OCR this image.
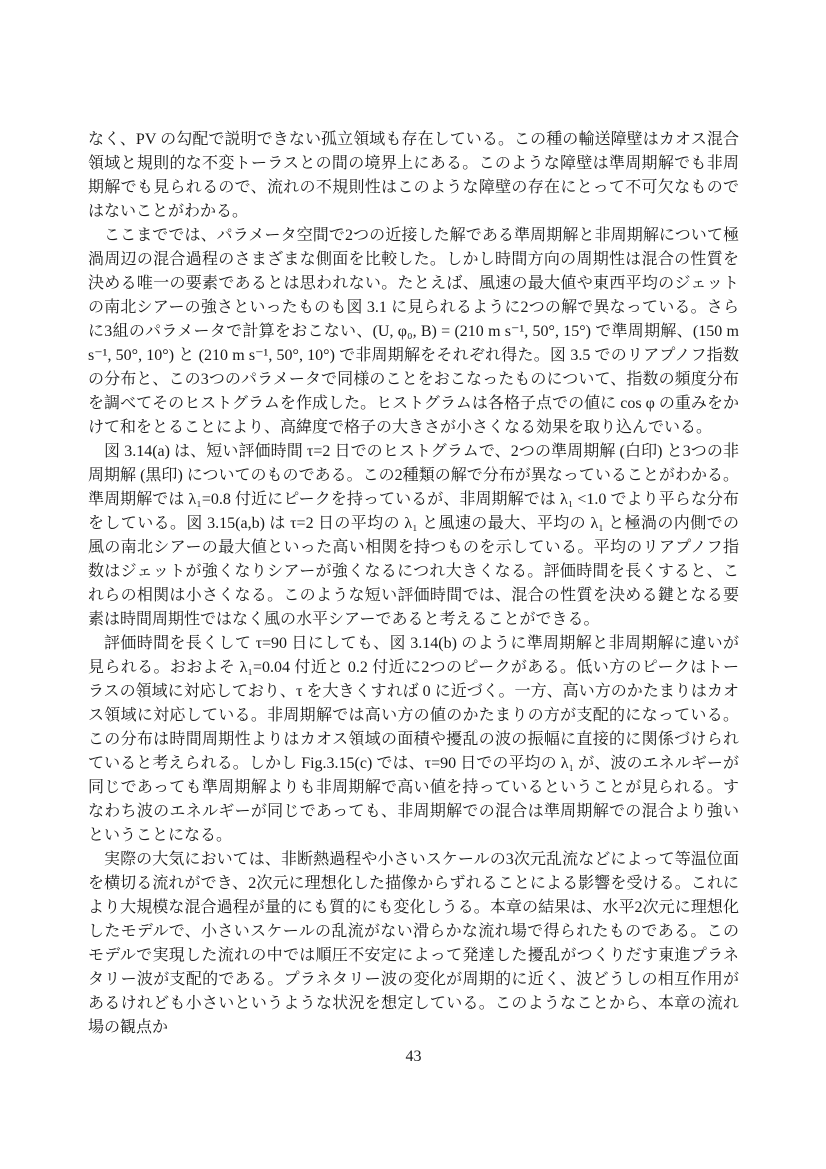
なく、PV の勾配で説明できない孤立領域も存在している。この種の輸送障壁はカオス混合領域と規則的な不変トーラスとの間の境界上にある。このような障壁は準周期解でも非周期解でも見られるので、流れの不規則性はこのような障壁の存在にとって不可欠なものではないことがわかる。

ここまででは、パラメータ空間で2つの近接した解である準周期解と非周期解について極渦周辺の混合過程のさまざまな側面を比較した。しかし時間方向の周期性は混合の性質を決める唯一の要素であるとは思われない。たとえば、風速の最大値や東西平均のジェットの南北シアーの強さといったものも図 3.1 に見られるように2つの解で異なっている。さらに3組のパラメータで計算をおこない、(U, φ₀, B) = (210 m s⁻¹, 50°, 15°) で準周期解、(150 m s⁻¹, 50°, 10°) と (210 m s⁻¹, 50°, 10°) で非周期解をそれぞれ得た。図 3.5 でのリアプノフ指数の分布と、この3つのパラメータで同様のことをおこなったものについて、指数の頻度分布を調べてそのヒストグラムを作成した。ヒストグラムは各格子点での値に cos φ の重みをかけて和をとることにより、高緯度で格子の大きさが小さくなる効果を取り込んでいる。

図 3.14(a) は、短い評価時間 τ=2 日でのヒストグラムで、2つの準周期解 (白印) と3つの非周期解 (黒印) についてのものである。この2種類の解で分布が異なっていることがわかる。準周期解では λ₁=0.8 付近にピークを持っているが、非周期解では λ₁ <1.0 でより平らな分布をしている。図 3.15(a,b) は τ=2 日の平均の λ₁ と風速の最大、平均の λ₁ と極渦の内側での風の南北シアーの最大値といった高い相関を持つものを示している。平均のリアプノフ指数はジェットが強くなりシアーが強くなるにつれ大きくなる。評価時間を長くすると、これらの相関は小さくなる。このような短い評価時間では、混合の性質を決める鍵となる要素は時間周期性ではなく風の水平シアーであると考えることができる。

評価時間を長くして τ=90 日にしても、図 3.14(b) のように準周期解と非周期解に違いが見られる。おおよそ λ₁=0.04 付近と 0.2 付近に2つのピークがある。低い方のピークはトーラスの領域に対応しており、τ を大きくすれば 0 に近づく。一方、高い方のかたまりはカオス領域に対応している。非周期解では高い方の値のかたまりの方が支配的になっている。この分布は時間周期性よりはカオス領域の面積や擾乱の波の振幅に直接的に関係づけられていると考えられる。しかし Fig.3.15(c) では、τ=90 日での平均の λ₁ が、波のエネルギーが同じであっても準周期解よりも非周期解で高い値を持っているということが見られる。すなわち波のエネルギーが同じであっても、非周期解での混合は準周期解での混合より強いということになる。

実際の大気においては、非断熱過程や小さいスケールの3次元乱流などによって等温位面を横切る流れができ、2次元に理想化した描像からずれることによる影響を受ける。これにより大規模な混合過程が量的にも質的にも変化しうる。本章の結果は、水平2次元に理想化したモデルで、小さいスケールの乱流がない滑らかな流れ場で得られたものである。このモデルで実現した流れの中では順圧不安定によって発達した擾乱がつくりだす東進プラネタリー波が支配的である。プラネタリー波の変化が周期的に近く、波どうしの相互作用があるけれども小さいというような状況を想定している。このようなことから、本章の流れ場の観点か

43
